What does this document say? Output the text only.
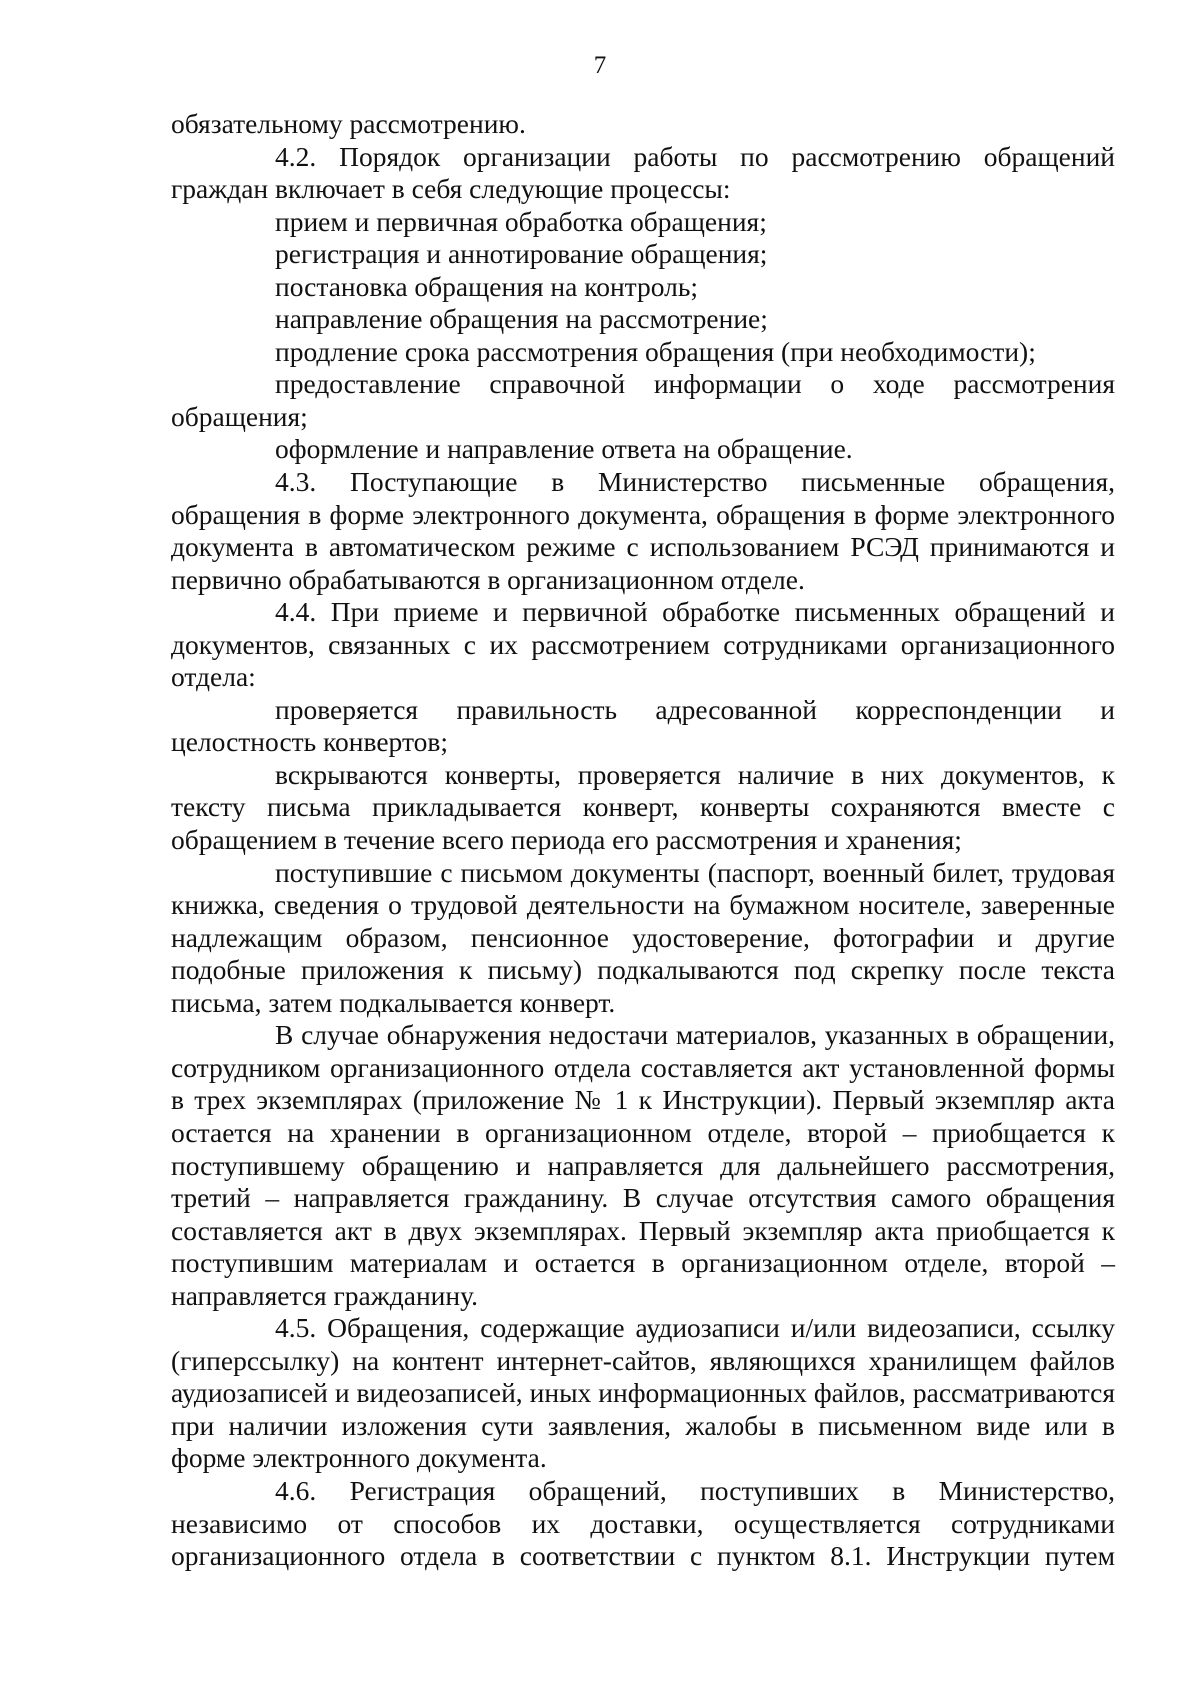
7

обязательному рассмотрению.

4.2. Порядок организации работы по рассмотрению обращений граждан включает в себя следующие процессы:

прием и первичная обработка обращения;

регистрация и аннотирование обращения;

постановка обращения на контроль;

направление обращения на рассмотрение;

продление срока рассмотрения обращения (при необходимости);

предоставление справочной информации о ходе рассмотрения обращения;

оформление и направление ответа на обращение.

4.3. Поступающие в Министерство письменные обращения, обращения в форме электронного документа, обращения в форме электронного документа в автоматическом режиме с использованием РСЭД принимаются и первично обрабатываются в организационном отделе.

4.4. При приеме и первичной обработке письменных обращений и документов, связанных с их рассмотрением сотрудниками организационного отдела:

проверяется правильность адресованной корреспонденции и целостность конвертов;

вскрываются конверты, проверяется наличие в них документов, к тексту письма прикладывается конверт, конверты сохраняются вместе с обращением в течение всего периода его рассмотрения и хранения;

поступившие с письмом документы (паспорт, военный билет, трудовая книжка, сведения о трудовой деятельности на бумажном носителе, заверенные надлежащим образом, пенсионное удостоверение, фотографии и другие подобные приложения к письму) подкалываются под скрепку после текста письма, затем подкалывается конверт.

В случае обнаружения недостачи материалов, указанных в обращении, сотрудником организационного отдела составляется акт установленной формы в трех экземплярах (приложение № 1 к Инструкции). Первый экземпляр акта остается на хранении в организационном отделе, второй – приобщается к поступившему обращению и направляется для дальнейшего рассмотрения, третий – направляется гражданину. В случае отсутствия самого обращения составляется акт в двух экземплярах. Первый экземпляр акта приобщается к поступившим материалам и остается в организационном отделе, второй – направляется гражданину.

4.5. Обращения, содержащие аудиозаписи и/или видеозаписи, ссылку (гиперссылку) на контент интернет-сайтов, являющихся хранилищем файлов аудиозаписей и видеозаписей, иных информационных файлов, рассматриваются при наличии изложения сути заявления, жалобы в письменном виде или в форме электронного документа.

4.6. Регистрация обращений, поступивших в Министерство, независимо от способов их доставки, осуществляется сотрудниками организационного отдела в соответствии с пунктом 8.1. Инструкции путем
